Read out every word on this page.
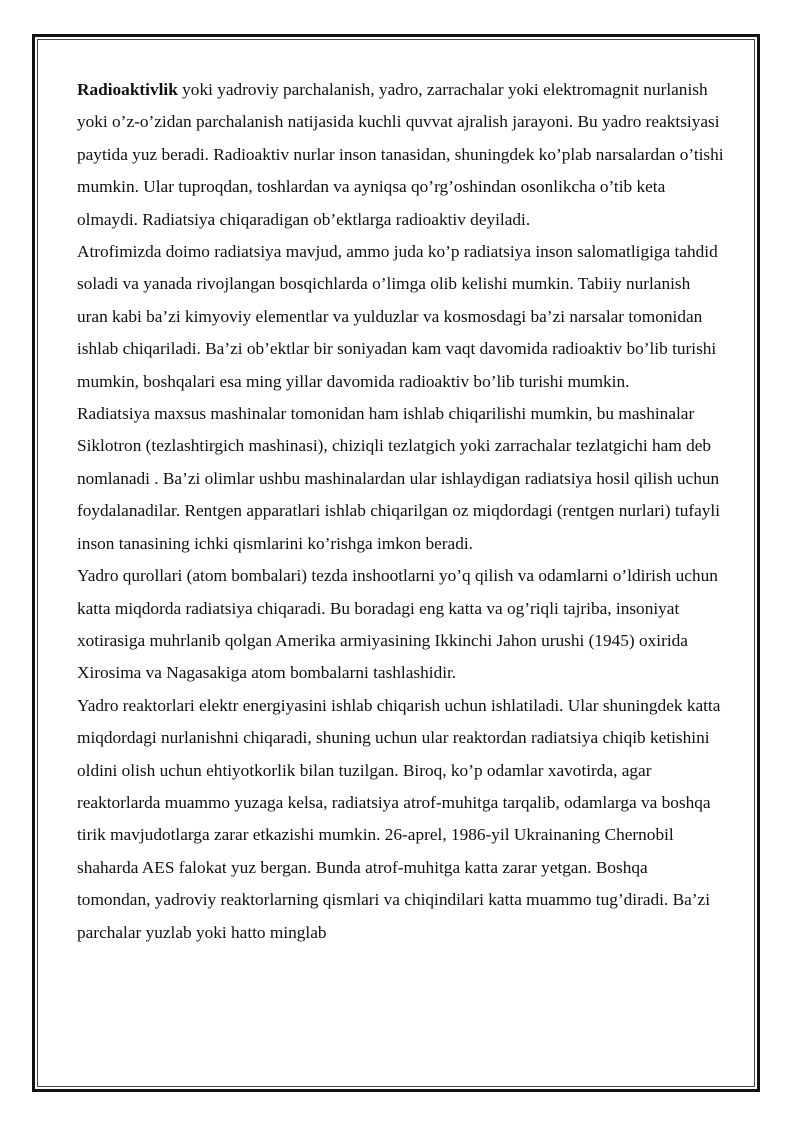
Radioaktivlik yoki yadroviy parchalanish, yadro, zarrachalar yoki elektromagnit nurlanish yoki o’z-o’zidan parchalanish natijasida kuchli quvvat ajralish jarayoni. Bu yadro reaktsiyasi paytida yuz beradi. Radioaktiv nurlar inson tanasidan, shuningdek ko’plab narsalardan o’tishi mumkin. Ular tuproqdan, toshlardan va ayniqsa qo’rg’oshindan osonlikcha o’tib keta olmaydi. Radiatsiya chiqaradigan ob’ektlarga radioaktiv deyiladi.

Atrofimizda doimo radiatsiya mavjud, ammo juda ko’p radiatsiya inson salomatligiga tahdid soladi va yanada rivojlangan bosqichlarda o’limga olib kelishi mumkin. Tabiiy nurlanish uran kabi ba’zi kimyoviy elementlar va yulduzlar va kosmosdagi ba’zi narsalar tomonidan ishlab chiqariladi. Ba’zi ob’ektlar bir soniyadan kam vaqt davomida radioaktiv bo’lib turishi mumkin, boshqalari esa ming yillar davomida radioaktiv bo’lib turishi mumkin.

Radiatsiya maxsus mashinalar tomonidan ham ishlab chiqarilishi mumkin, bu mashinalar Siklotron (tezlashtirgich mashinasi), chiziqli tezlatgich yoki zarrachalar tezlatgichi ham deb nomlanadi . Ba’zi olimlar ushbu mashinalardan ular ishlaydigan radiatsiya hosil qilish uchun foydalanadilar. Rentgen apparatlari ishlab chiqarilgan oz miqdordagi (rentgen nurlari) tufayli inson tanasining ichki qismlarini ko’rishga imkon beradi.

Yadro qurollari (atom bombalari) tezda inshootlarni yo’q qilish va odamlarni o’ldirish uchun katta miqdorda radiatsiya chiqaradi. Bu boradagi eng katta va og’riqli tajriba, insoniyat xotirasiga muhrlanib qolgan Amerika armiyasining Ikkinchi Jahon urushi (1945) oxirida Xirosima va Nagasakiga atom bombalarni tashlashidir.

Yadro reaktorlari elektr energiyasini ishlab chiqarish uchun ishlatiladi. Ular shuningdek katta miqdordagi nurlanishni chiqaradi, shuning uchun ular reaktordan radiatsiya chiqib ketishini oldini olish uchun ehtiyotkorlik bilan tuzilgan. Biroq, ko’p odamlar xavotirda, agar reaktorlarda muammo yuzaga kelsa, radiatsiya atrof-muhitga tarqalib, odamlarga va boshqa tirik mavjudotlarga zarar etkazishi mumkin. 26-aprel, 1986-yil Ukrainaning Chernobil shaharda AES falokat yuz bergan. Bunda atrof-muhitga katta zarar yetgan. Boshqa tomondan, yadroviy reaktorlarning qismlari va chiqindilari katta muammo tug’diradi. Ba’zi parchalar yuzlab yoki hatto minglab
